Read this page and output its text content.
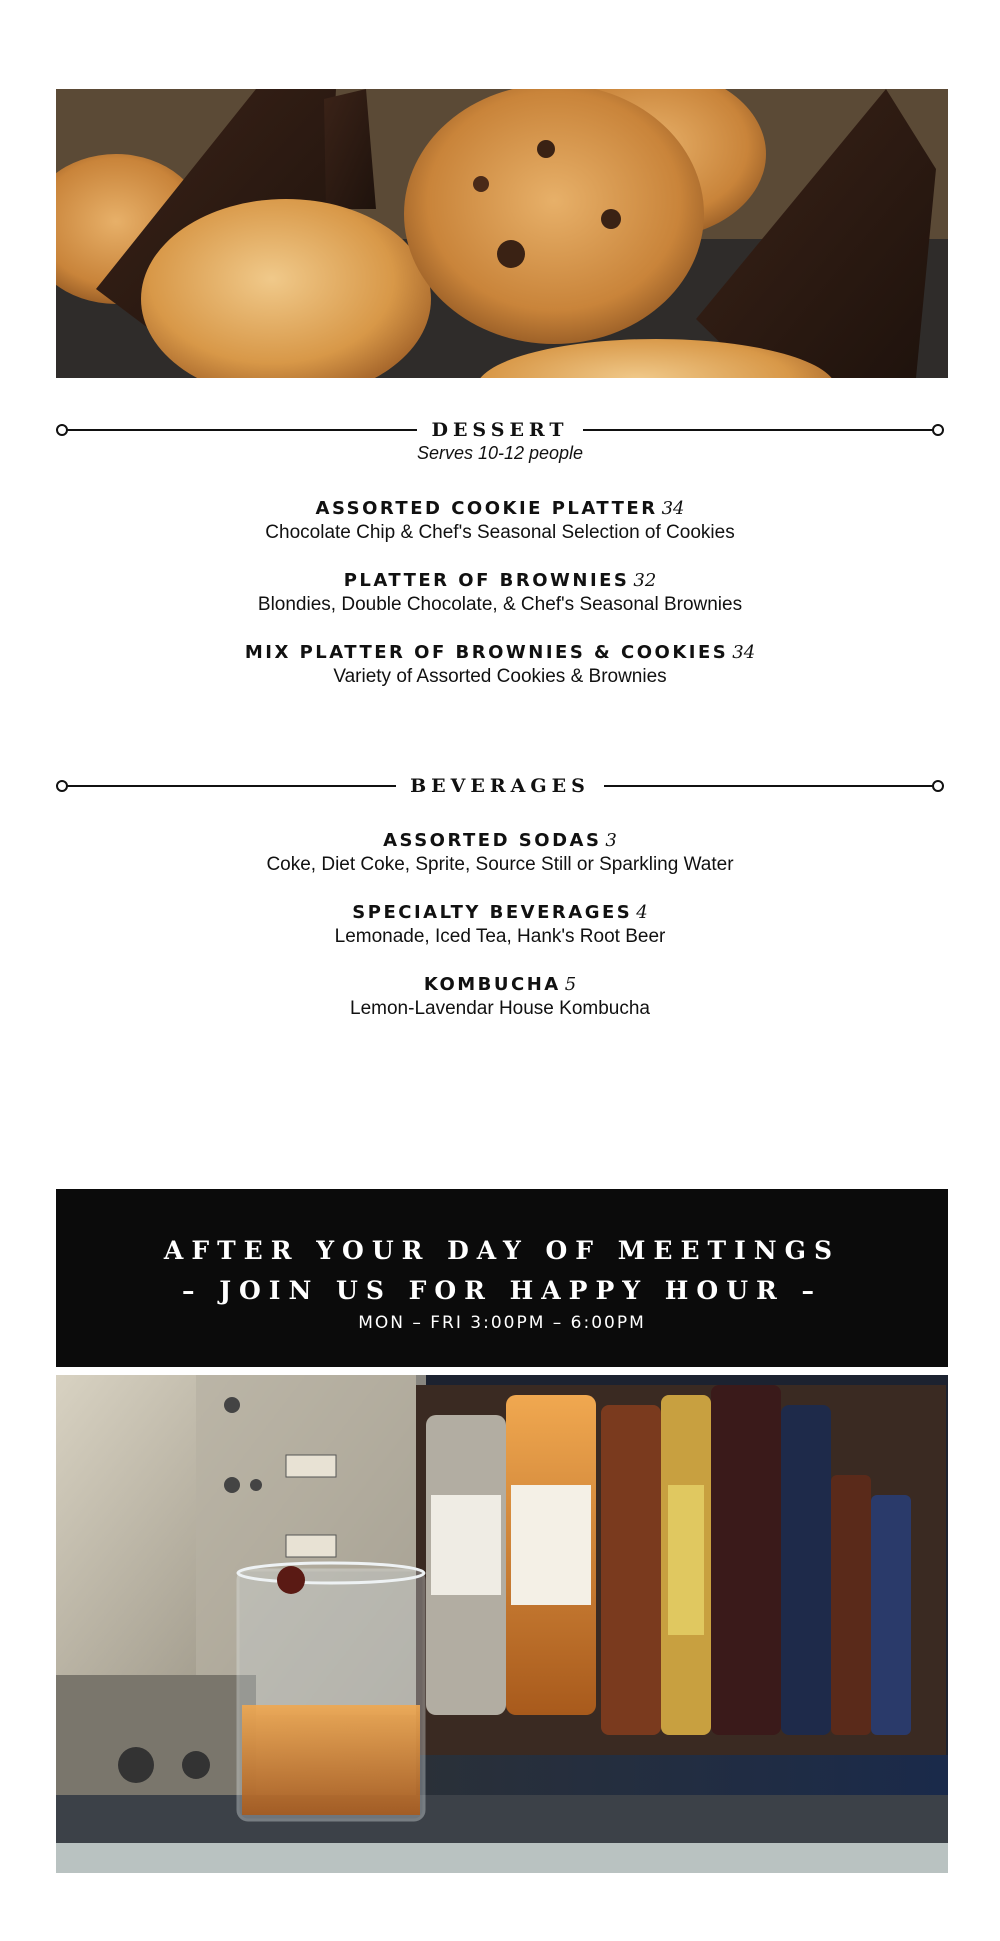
DESSERT
Serves 10-12 people
ASSORTED COOKIE PLATTER 34
Chocolate Chip & Chef's Seasonal Selection of Cookies
PLATTER OF BROWNIES 32
Blondies, Double Chocolate, & Chef's Seasonal Brownies
MIX PLATTER OF BROWNIES & COOKIES 34
Variety of Assorted Cookies & Brownies
BEVERAGES
ASSORTED SODAS 3
Coke, Diet Coke, Sprite, Source Still or Sparkling Water
SPECIALTY BEVERAGES 4
Lemonade, Iced Tea, Hank's Root Beer
KOMBUCHA 5
Lemon-Lavendar House Kombucha
AFTER YOUR DAY OF MEETINGS
– JOIN US FOR HAPPY HOUR –
MON – FRI 3:00PM – 6:00PM
